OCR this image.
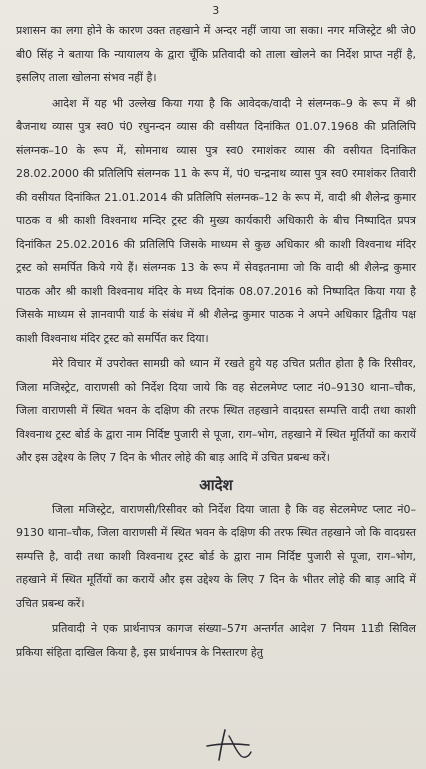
3

प्रशासन का लगा होने के कारण उक्त तहखाने में अन्दर नहीं जाया जा सका। नगर मजिस्ट्रेट श्री जे0 बी0 सिंह ने बताया कि न्यायालय के द्वारा चूँकि प्रतिवादी को ताला खोलने का निर्देश प्राप्त नहीं है, इसलिए ताला खोलना संभव नहीं है।

आदेश में यह भी उल्लेख किया गया है कि आवेदक/वादी ने संलग्नक–9 के रूप में श्री बैजनाथ व्यास पुत्र स्व0 पं0 रघुनन्दन व्यास की वसीयत दिनांकित 01.07.1968 की प्रतिलिपि संलग्नक–10 के रूप में, सोमनाथ व्यास पुत्र स्व0 रमाशंकर व्यास की वसीयत दिनांकित 28.02.2000 की प्रतिलिपि संलग्नक 11 के रूप में, पं0 चन्द्रनाथ व्यास पुत्र स्व0 रमाशंकर तिवारी की वसीयत दिनांकित 21.01.2014 की प्रतिलिपि संलग्नक–12 के रूप में, वादी श्री शैलेन्द्र कुमार पाठक व श्री काशी विश्वनाथ मन्दिर ट्रस्ट की मुख्य कार्यकारी अधिकारी के बीच निष्पादित प्रपत्र दिनांकित 25.02.2016 की प्रतिलिपि जिसके माध्यम से कुछ अधिकार श्री काशी विश्वनाथ मंदिर ट्रस्ट को समर्पित किये गये हैं। संलग्नक 13 के रूप में सेवइतनामा जो कि वादी श्री शैलेन्द्र कुमार पाठक और श्री काशी विश्वनाथ मंदिर के मध्य दिनांक 08.07.2016 को निष्पादित किया गया है जिसके माध्यम से ज्ञानवापी यार्ड के संबंध में श्री शैलेन्द्र कुमार पाठक ने अपने अधिकार द्वितीय पक्ष काशी विश्वनाथ मंदिर ट्रस्ट को समर्पित कर दिया।

मेरे विचार में उपरोक्त सामग्री को ध्यान में रखते हुये यह उचित प्रतीत होता है कि रिसीवर, जिला मजिस्ट्रेट, वाराणसी को निर्देश दिया जाये कि वह सेटलमेण्ट प्लाट नं0–9130 थाना–चौक, जिला वाराणसी में स्थित भवन के दक्षिण की तरफ स्थित तहखाने वादग्रस्त सम्पत्ति वादी तथा काशी विश्वनाथ ट्रस्ट बोर्ड के द्वारा नाम निर्दिष्ट पुजारी से पूजा, राग–भोग, तहखाने में स्थित मूर्तियों का करायें और इस उद्देश्य के लिए 7 दिन के भीतर लोहे की बाड़ आदि में उचित प्रबन्ध करें।

आदेश

जिला मजिस्ट्रेट, वाराणसी/रिसीवर को निर्देश दिया जाता है कि वह सेटलमेण्ट प्लाट नं0–9130 थाना–चौक, जिला वाराणसी में स्थित भवन के दक्षिण की तरफ स्थित तहखाने जो कि वादग्रस्त सम्पत्ति है, वादी तथा काशी विश्वनाथ ट्रस्ट बोर्ड के द्वारा नाम निर्दिष्ट पुजारी से पूजा, राग–भोग, तहखाने में स्थित मूर्तियों का करायें और इस उद्देश्य के लिए 7 दिन के भीतर लोहे की बाड़ आदि में उचित प्रबन्ध करें।

प्रतिवादी ने एक प्रार्थनापत्र कागज संख्या–57ग अन्तर्गत आदेश 7 नियम 11डी सिविल प्रकिया संहिता दाखिल किया है, इस प्रार्थनापत्र के निस्तारण हेतु
